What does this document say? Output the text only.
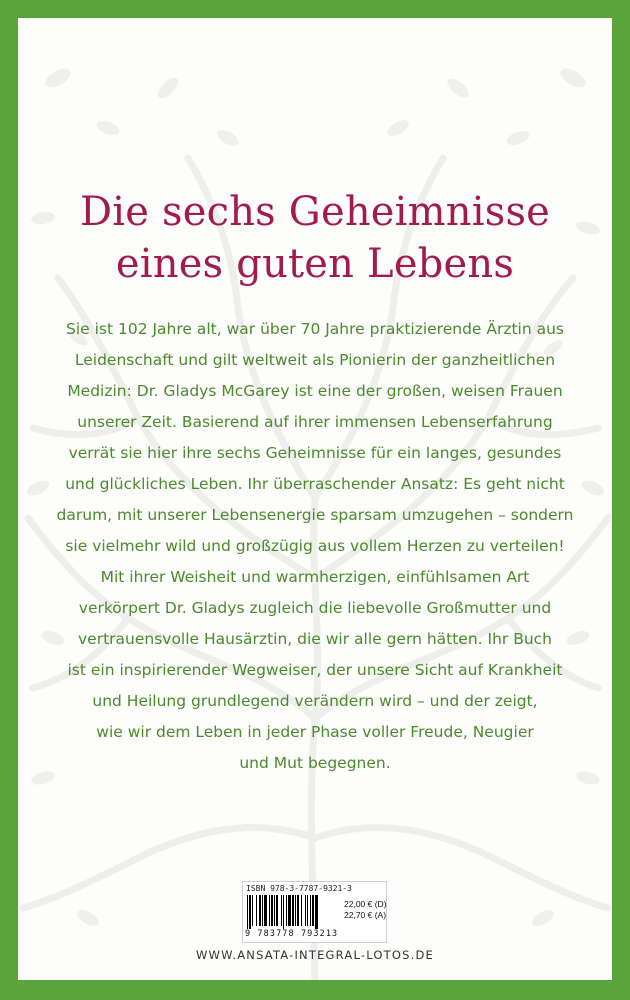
Die sechs Geheimnisse
eines guten Lebens
Sie ist 102 Jahre alt, war über 70 Jahre praktizierende Ärztin aus
Leidenschaft und gilt weltweit als Pionierin der ganzheitlichen
Medizin: Dr. Gladys McGarey ist eine der großen, weisen Frauen
unserer Zeit. Basierend auf ihrer immensen Lebenserfahrung
verrät sie hier ihre sechs Geheimnisse für ein langes, gesundes
und glückliches Leben. Ihr überraschender Ansatz: Es geht nicht
darum, mit unserer Lebensenergie sparsam umzugehen – sondern
sie vielmehr wild und großzügig aus vollem Herzen zu verteilen!
Mit ihrer Weisheit und warmherzigen, einfühlsamen Art
verkörpert Dr. Gladys zugleich die liebevolle Großmutter und
vertrauensvolle Hausärztin, die wir alle gern hätten. Ihr Buch
ist ein inspirierender Wegweiser, der unsere Sicht auf Krankheit
und Heilung grundlegend verändern wird – und der zeigt,
wie wir dem Leben in jeder Phase voller Freude, Neugier
und Mut begegnen.
ISBN 978-3-7787-9321-3
9 783778 793213
22,00 € (D)
22,70 € (A)
WWW.ANSATA-INTEGRAL-LOTOS.DE
